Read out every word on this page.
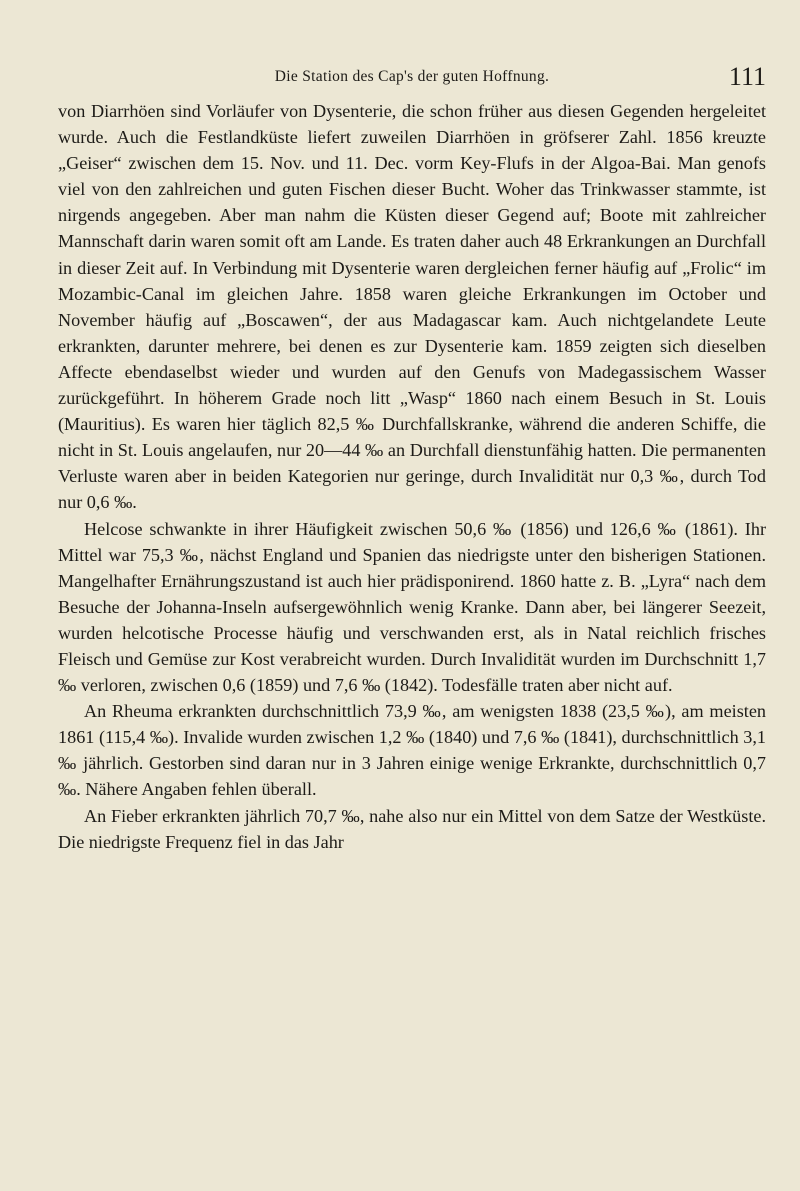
Die Station des Cap's der guten Hoffnung.	111

von Diarrhöen sind Vorläufer von Dysenterie, die schon früher aus diesen Gegenden hergeleitet wurde. Auch die Festlandküste liefert zuweilen Diarrhöen in gröfserer Zahl. 1856 kreuzte „Geiser“ zwischen dem 15. Nov. und 11. Dec. vorm Key-Flufs in der Algoa-Bai. Man genofs viel von den zahlreichen und guten Fischen dieser Bucht. Woher das Trinkwasser stammte, ist nirgends angegeben. Aber man nahm die Küsten dieser Gegend auf; Boote mit zahlreicher Mannschaft darin waren somit oft am Lande. Es traten daher auch 48 Erkrankungen an Durchfall in dieser Zeit auf. In Verbindung mit Dysenterie waren dergleichen ferner häufig auf „Frolic“ im Mozambic-Canal im gleichen Jahre. 1858 waren gleiche Erkrankungen im October und November häufig auf „Boscawen“, der aus Madagascar kam. Auch nichtgelandete Leute erkrankten, darunter mehrere, bei denen es zur Dysenterie kam. 1859 zeigten sich dieselben Affecte ebendaselbst wieder und wurden auf den Genufs von Madegassischem Wasser zurückgeführt. In höherem Grade noch litt „Wasp“ 1860 nach einem Besuch in St. Louis (Mauritius). Es waren hier täglich 82,5 ‰ Durchfallskranke, während die anderen Schiffe, die nicht in St. Louis angelaufen, nur 20—44 ‰ an Durchfall dienstunfähig hatten. Die permanenten Verluste waren aber in beiden Kategorien nur geringe, durch Invalidität nur 0,3 ‰, durch Tod nur 0,6 ‰.

Helcose schwankte in ihrer Häufigkeit zwischen 50,6 ‰ (1856) und 126,6 ‰ (1861). Ihr Mittel war 75,3 ‰, nächst England und Spanien das niedrigste unter den bisherigen Stationen. Mangelhafter Ernährungszustand ist auch hier prädisponirend. 1860 hatte z. B. „Lyra“ nach dem Besuche der Johanna-Inseln aufsergewöhnlich wenig Kranke. Dann aber, bei längerer Seezeit, wurden helcotische Processe häufig und verschwanden erst, als in Natal reichlich frisches Fleisch und Gemüse zur Kost verabreicht wurden. Durch Invalidität wurden im Durchschnitt 1,7 ‰ verloren, zwischen 0,6 (1859) und 7,6 ‰ (1842). Todesfälle traten aber nicht auf.

An Rheuma erkrankten durchschnittlich 73,9 ‰, am wenigsten 1838 (23,5 ‰), am meisten 1861 (115,4 ‰). Invalide wurden zwischen 1,2 ‰ (1840) und 7,6 ‰ (1841), durchschnittlich 3,1 ‰ jährlich. Gestorben sind daran nur in 3 Jahren einige wenige Erkrankte, durchschnittlich 0,7 ‰. Nähere Angaben fehlen überall.

An Fieber erkrankten jährlich 70,7 ‰, nahe also nur ein Mittel von dem Satze der Westküste. Die niedrigste Frequenz fiel in das Jahr
